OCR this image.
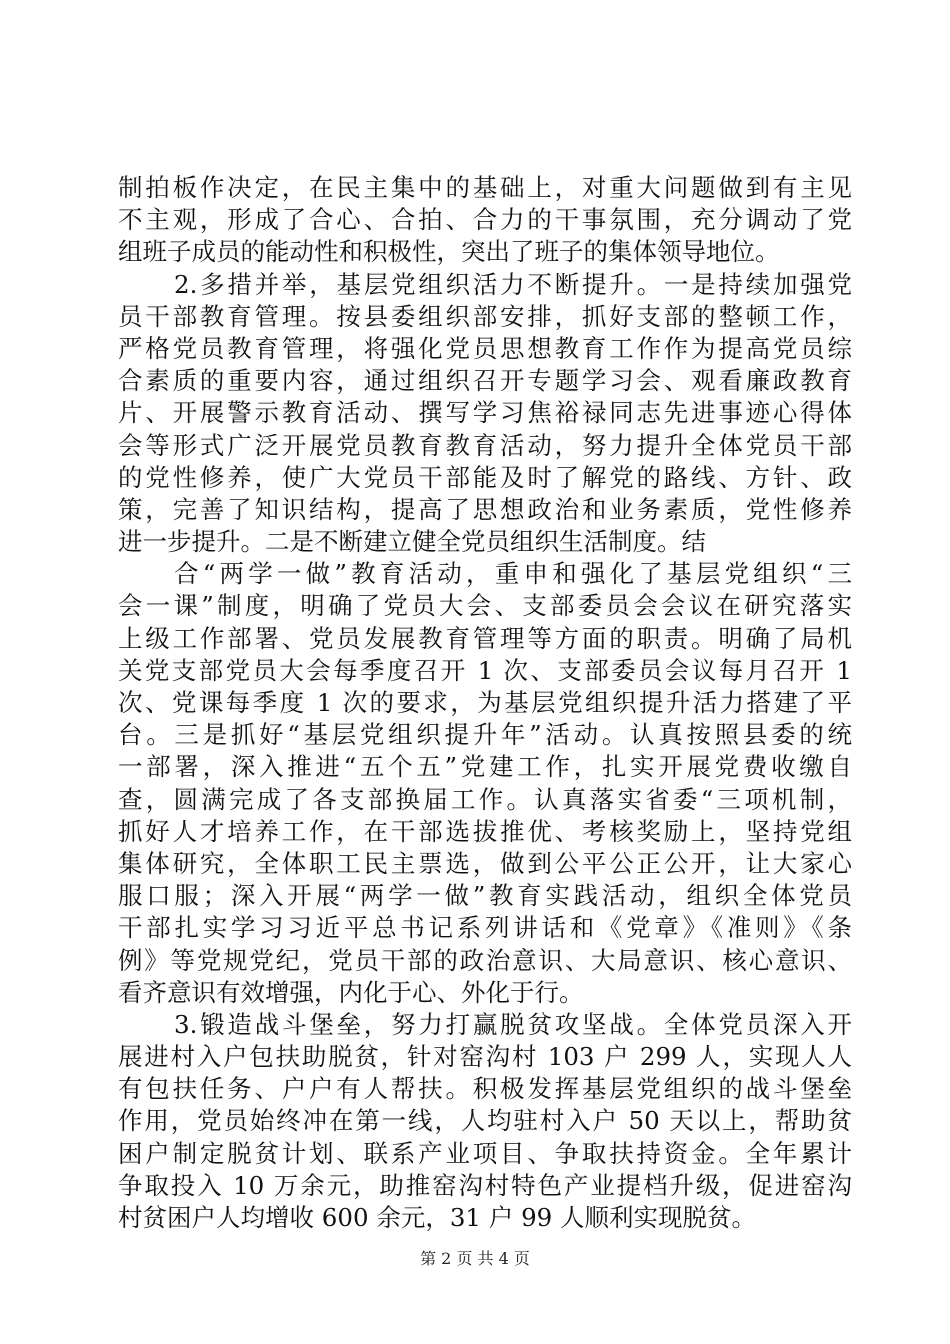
制拍板作决定，在民主集中的基础上，对重大问题做到有主见
不主观，形成了合心、合拍、合力的干事氛围，充分调动了党
组班子成员的能动性和积极性，突出了班子的集体领导地位。
2.多措并举，基层党组织活力不断提升。一是持续加强党
员干部教育管理。按县委组织部安排，抓好支部的整顿工作，
严格党员教育管理，将强化党员思想教育工作作为提高党员综
合素质的重要内容，通过组织召开专题学习会、观看廉政教育
片、开展警示教育活动、撰写学习焦裕禄同志先进事迹心得体
会等形式广泛开展党员教育教育活动，努力提升全体党员干部
的党性修养，使广大党员干部能及时了解党的路线、方针、政
策，完善了知识结构，提高了思想政治和业务素质，党性修养
进一步提升。二是不断建立健全党员组织生活制度。结
合“两学一做”教育活动，重申和强化了基层党组织“三
会一课”制度，明确了党员大会、支部委员会会议在研究落实
上级工作部署、党员发展教育管理等方面的职责。明确了局机
关党支部党员大会每季度召开 1 次、支部委员会议每月召开 1
次、党课每季度 1 次的要求，为基层党组织提升活力搭建了平
台。三是抓好“基层党组织提升年”活动。认真按照县委的统
一部署，深入推进“五个五”党建工作，扎实开展党费收缴自
查，圆满完成了各支部换届工作。认真落实省委“三项机制，
抓好人才培养工作，在干部选拔推优、考核奖励上，坚持党组
集体研究，全体职工民主票选，做到公平公正公开，让大家心
服口服；深入开展“两学一做”教育实践活动，组织全体党员
干部扎实学习习近平总书记系列讲话和《党章》《准则》《条
例》等党规党纪，党员干部的政治意识、大局意识、核心意识、
看齐意识有效增强，内化于心、外化于行。
3.锻造战斗堡垒，努力打赢脱贫攻坚战。全体党员深入开
展进村入户包扶助脱贫，针对窑沟村 103 户 299 人，实现人人
有包扶任务、户户有人帮扶。积极发挥基层党组织的战斗堡垒
作用，党员始终冲在第一线，人均驻村入户 50 天以上，帮助贫
困户制定脱贫计划、联系产业项目、争取扶持资金。全年累计
争取投入 10 万余元，助推窑沟村特色产业提档升级，促进窑沟
村贫困户人均增收 600 余元，31 户 99 人顺利实现脱贫。
第 2 页 共 4 页
